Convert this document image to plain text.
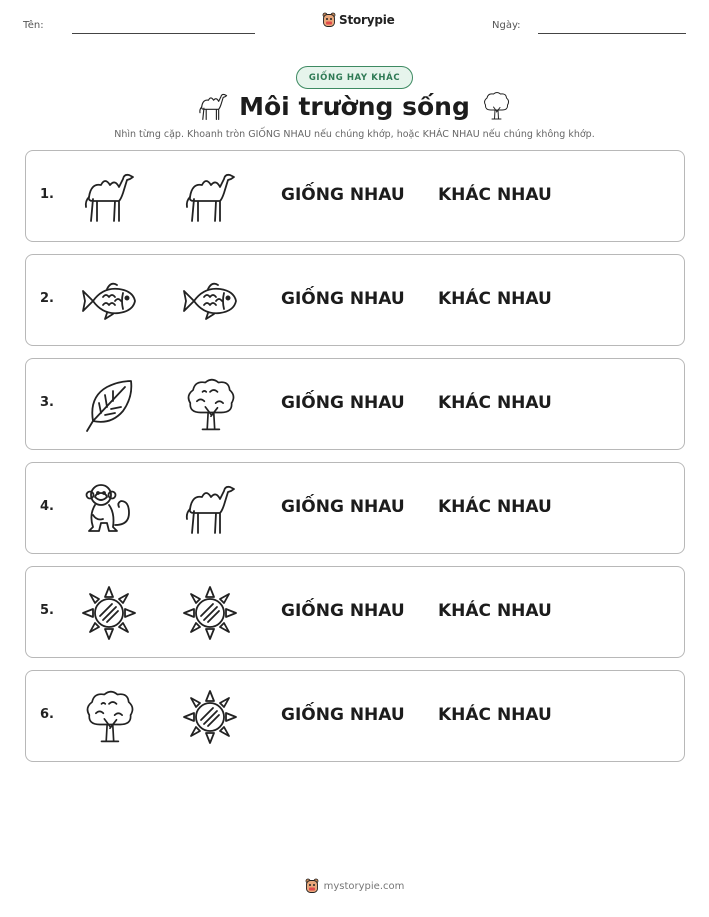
Tên:	Storypie	Ngày:
GIỐNG HAY KHÁC
Môi trường sống
Nhìn từng cặp. Khoanh tròn GIỐNG NHAU nếu chúng khớp, hoặc KHÁC NHAU nếu chúng không khớp.
1.	GIỐNG NHAU KHÁC NHAU
2.	GIỐNG NHAU KHÁC NHAU
3.	GIỐNG NHAU KHÁC NHAU
4.	GIỐNG NHAU KHÁC NHAU
5.	GIỐNG NHAU KHÁC NHAU
6.	GIỐNG NHAU KHÁC NHAU
mystorypie.com
